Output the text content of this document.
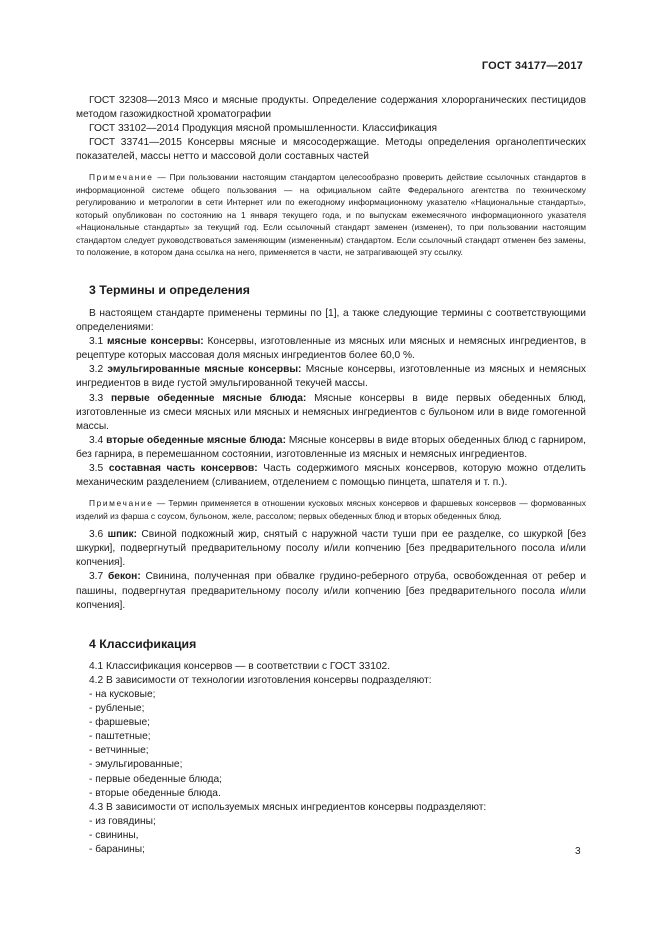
ГОСТ 34177—2017

ГОСТ 32308—2013 Мясо и мясные продукты. Определение содержания хлорорганических пестицидов методом газожидкостной хроматографии

ГОСТ 33102—2014 Продукция мясной промышленности. Классификация

ГОСТ 33741—2015 Консервы мясные и мясосодержащие. Методы определения органолептических показателей, массы нетто и массовой доли составных частей

Примечание — При пользовании настоящим стандартом целесообразно проверить действие ссылочных стандартов в информационной системе общего пользования — на официальном сайте Федерального агентства по техническому регулированию и метрологии в сети Интернет или по ежегодному информационному указателю «Национальные стандарты», который опубликован по состоянию на 1 января текущего года, и по выпускам ежемесячного информационного указателя «Национальные стандарты» за текущий год. Если ссылочный стандарт заменен (изменен), то при пользовании настоящим стандартом следует руководствоваться заменяющим (измененным) стандартом. Если ссылочный стандарт отменен без замены, то положение, в котором дана ссылка на него, применяется в части, не затрагивающей эту ссылку.

3 Термины и определения

В настоящем стандарте применены термины по [1], а также следующие термины с соответствующими определениями:

3.1 мясные консервы: Консервы, изготовленные из мясных или мясных и немясных ингредиентов, в рецептуре которых массовая доля мясных ингредиентов более 60,0 %.

3.2 эмульгированные мясные консервы: Мясные консервы, изготовленные из мясных и немясных ингредиентов в виде густой эмульгированной текучей массы.

3.3 первые обеденные мясные блюда: Мясные консервы в виде первых обеденных блюд, изготовленные из смеси мясных или мясных и немясных ингредиентов с бульоном или в виде гомогенной массы.

3.4 вторые обеденные мясные блюда: Мясные консервы в виде вторых обеденных блюд с гарниром, без гарнира, в перемешанном состоянии, изготовленные из мясных и немясных ингредиентов.

3.5 составная часть консервов: Часть содержимого мясных консервов, которую можно отделить механическим разделением (сливанием, отделением с помощью пинцета, шпателя и т. п.).

Примечание — Термин применяется в отношении кусковых мясных консервов и фаршевых консервов — формованных изделий из фарша с соусом, бульоном, желе, рассолом; первых обеденных блюд и вторых обеденных блюд.

3.6 шпик: Свиной подкожный жир, снятый с наружной части туши при ее разделке, со шкуркой [без шкурки], подвергнутый предварительному посолу и/или копчению [без предварительного посола и/или копчения].

3.7 бекон: Свинина, полученная при обвалке грудино-реберного отруба, освобожденная от ребер и пашины, подвергнутая предварительному посолу и/или копчению [без предварительного посола и/или копчения].

4 Классификация

4.1 Классификация консервов — в соответствии с ГОСТ 33102.

4.2 В зависимости от технологии изготовления консервы подразделяют:

- на кусковые;

- рубленые;

- фаршевые;

- паштетные;

- ветчинные;

- эмульгированные;

- первые обеденные блюда;

- вторые обеденные блюда.

4.3 В зависимости от используемых мясных ингредиентов консервы подразделяют:

- из говядины;

- свинины,

- баранины;	3
